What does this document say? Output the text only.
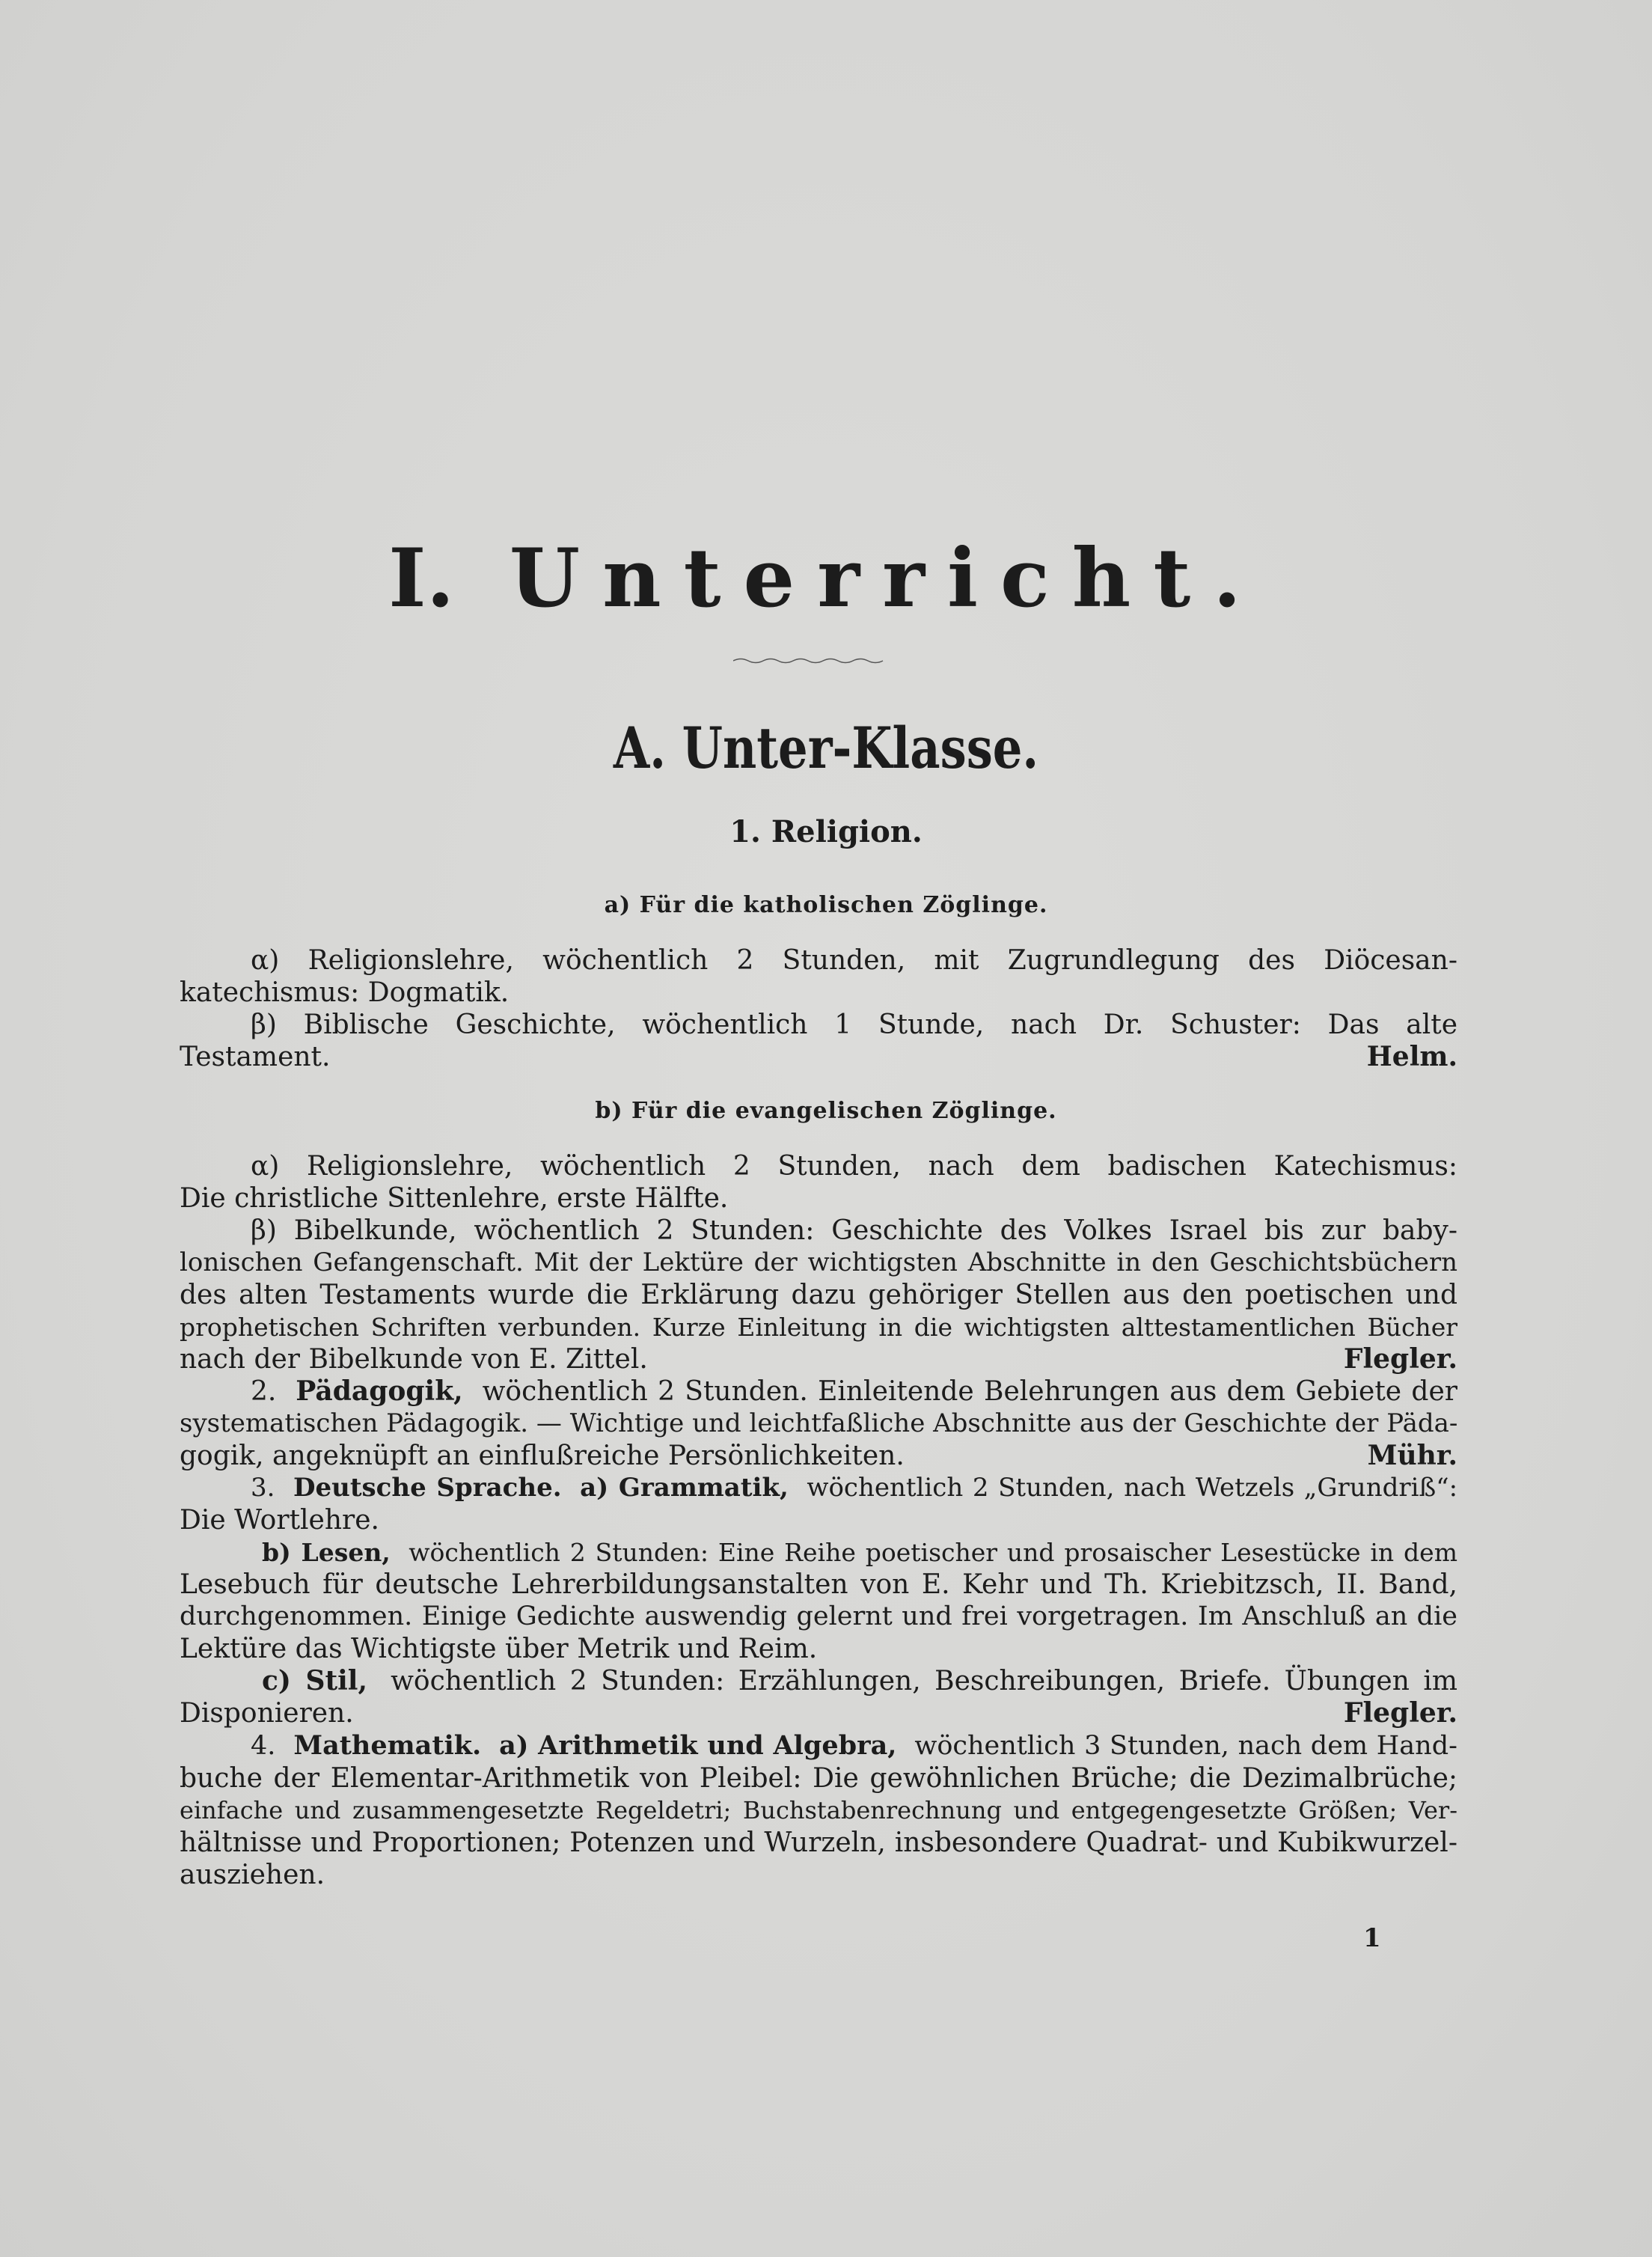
I. Unterricht.
A. Unter-Klasse.
1. Religion.
a) Für die katholischen Zöglinge.
α) Religionslehre, wöchentlich 2 Stunden, mit Zugrundlegung des Diöcesan-
katechismus: Dogmatik.
β) Biblische Geschichte, wöchentlich 1 Stunde, nach Dr. Schuster: Das alte
Testament.	Helm.
b) Für die evangelischen Zöglinge.
α) Religionslehre, wöchentlich 2 Stunden, nach dem badischen Katechismus:
Die christliche Sittenlehre, erste Hälfte.
β) Bibelkunde, wöchentlich 2 Stunden: Geschichte des Volkes Israel bis zur baby-
lonischen Gefangenschaft. Mit der Lektüre der wichtigsten Abschnitte in den Geschichtsbüchern
des alten Testaments wurde die Erklärung dazu gehöriger Stellen aus den poetischen und
prophetischen Schriften verbunden. Kurze Einleitung in die wichtigsten alttestamentlichen Bücher
nach der Bibelkunde von E. Zittel.	Flegler.
2. Pädagogik, wöchentlich 2 Stunden. Einleitende Belehrungen aus dem Gebiete der
systematischen Pädagogik. — Wichtige und leichtfaßliche Abschnitte aus der Geschichte der Päda-
gogik, angeknüpft an einflußreiche Persönlichkeiten.	Mühr.
3. Deutsche Sprache. a) Grammatik, wöchentlich 2 Stunden, nach Wetzels „Grundriß“:
Die Wortlehre.
b) Lesen, wöchentlich 2 Stunden: Eine Reihe poetischer und prosaischer Lesestücke in dem
Lesebuch für deutsche Lehrerbildungsanstalten von E. Kehr und Th. Kriebitzsch, II. Band,
durchgenommen. Einige Gedichte auswendig gelernt und frei vorgetragen. Im Anschluß an die
Lektüre das Wichtigste über Metrik und Reim.
c) Stil, wöchentlich 2 Stunden: Erzählungen, Beschreibungen, Briefe. Übungen im
Disponieren.	Flegler.
4. Mathematik. a) Arithmetik und Algebra, wöchentlich 3 Stunden, nach dem Hand-
buche der Elementar-Arithmetik von Pleibel: Die gewöhnlichen Brüche; die Dezimalbrüche;
einfache und zusammengesetzte Regeldetri; Buchstabenrechnung und entgegengesetzte Größen; Ver-
hältnisse und Proportionen; Potenzen und Wurzeln, insbesondere Quadrat- und Kubikwurzel-
ausziehen.
1
